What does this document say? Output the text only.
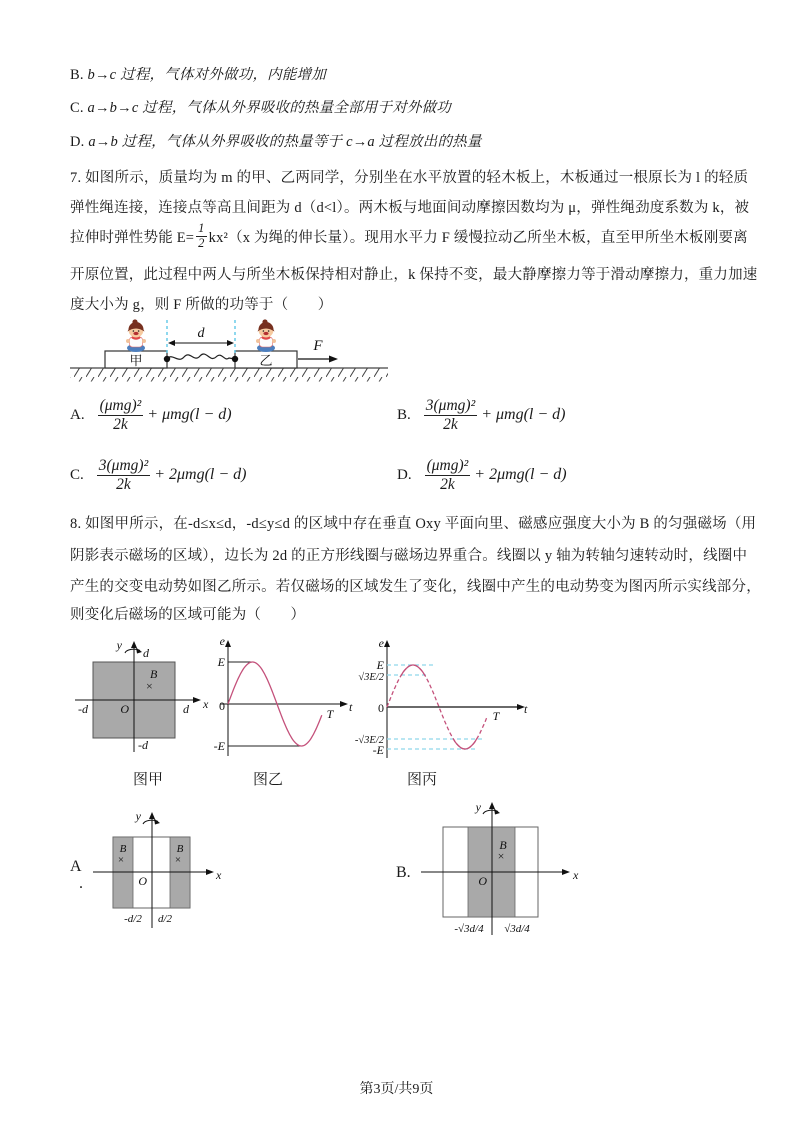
B. b→c 过程，气体对外做功，内能增加
C. a→b→c 过程，气体从外界吸收的热量全部用于对外做功
D. a→b 过程，气体从外界吸收的热量等于 c→a 过程放出的热量
7. 如图所示，质量均为 m 的甲、乙两同学，分别坐在水平放置的轻木板上，木板通过一根原长为 l 的轻质
弹性绳连接，连接点等高且间距为 d（d<l）。两木板与地面间动摩擦因数均为 μ，弹性绳劲度系数为 k，被
拉伸时弹性势能 $E= \frac{1}{2} kx^2(x$ 为绳的伸长量）。现用水平力 F 缓慢拉动乙所坐木板，直至甲所坐木板刚要离
开原位置，此过程中两人与所坐木板保持相对静止，k 保持不变，最大静摩擦力等于滑动摩擦力，重力加速
度大小为 g，则 F 所做的功等于（　　）
甲	乙
d
F
A. $\frac{\text{(μmg)²}}{2k} + \mu mg(l - d)$	B. $\frac{\text{3(μmg)²}}{2k} + \mu mg(l - d)$
C. $\frac{\text{3(μmg)²}}{2k} + 2\mu mg(l - d)$	D. $\frac{\text{(μmg)²}}{2k} + 2\mu mg(l - d)$
8. 如图甲所示，在-d≤x≤d，-d≤y≤d 的区域中存在垂直 Oxy 平面向里、磁感应强度大小为 B 的匀强磁场（用
阴影表示磁场的区域），边长为 2d 的正方形线圈与磁场边界重合。线圈以 y 轴为转轴匀速转动时，线圈中
产生的交变电动势如图乙所示。若仅磁场的区域发生了变化，线圈中产生的电动势变为图丙所示实线部分，
则变化后磁场的区域可能为（　　）
y
d
B
×
O
-d	d x
-d
图甲
e
E
0
-E
T t
图乙
e
E
√3E/2
0
-√3E/2
-E
T t
图丙
A
.
y
B
×
B
×
O	x
-d/2 d/2
B.
y
B
×
O	x
-√3d/4 √3d/4
第3页/共9页
